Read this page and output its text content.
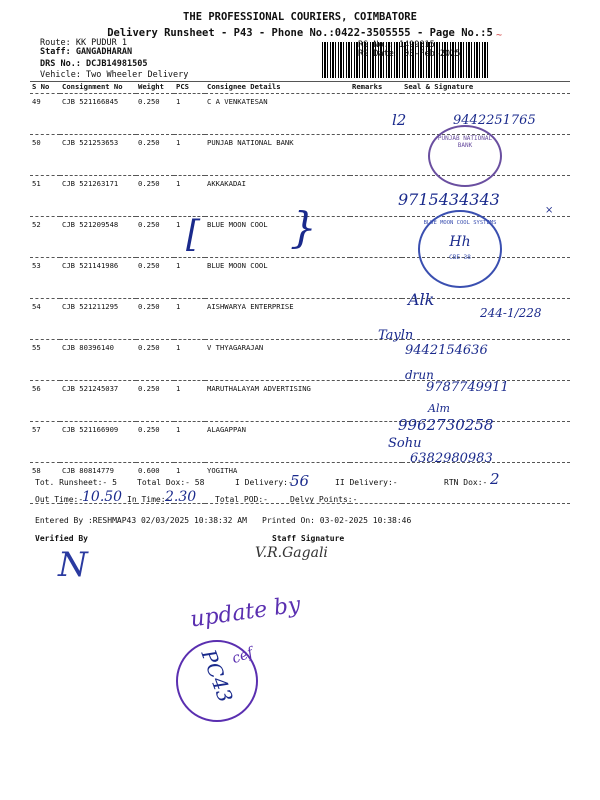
THE PROFESSIONAL COURIERS, COIMBATORE
Delivery Runsheet - P43 - Phone No.:0422-3505555 - Page No.:5
Route: KK PUDUR 1
Staff: GANGADHARAN
DRS No.: DCJB14981505
Vehicle: Two Wheeler Delivery
~
RS No.: 1499815
RS Date: 03-Feb-2025
S No	Consignment No	Weight	PCS	Consignee Details	Remarks	Seal & Signature
49	CJB 521166845	0.250	1	C A VENKATESAN		
50	CJB 521253653	0.250	1	PUNJAB NATIONAL BANK		
51	CJB 521263171	0.250	1	AKKAKADAI		
52	CJB 521209548	0.250	1	BLUE MOON COOL		
53	CJB 521141986	0.250	1	BLUE MOON COOL		
54	CJB 521211295	0.250	1	AISHWARYA ENTERPRISE		
55	CJB 80396140	0.250	1	V THYAGARAJAN		
56	CJB 521245037	0.250	1	MARUTHALAYAM ADVERTISING		
57	CJB 521166909	0.250	1	ALAGAPPAN		
58	CJB 80814779	0.600	1	YOGITHA		
l2	9442251765
PUNJAB NATIONAL BANK
9715434343
×
BLUE MOON COOL SYSTEMS
Hh
CBE-38
}
[
Alk
244-1/228
Tayln
9442154636
drun
9787749911
Alm
9962730258
Sohu
6382980983
Tot. Runsheet:- 5	Total Dox:- 58	I Delivery:-
56	II Delivery:-	RTN Dox:- 2
Out Time:-
10.50 In Time:-
2.30 Total POD:-	Delvy Points:-
Entered By :RESHMAP43 02/03/2025 10:38:32 AM Printed On: 03-02-2025 10:38:46
Verified By	Staff Signature
N	V.R.Gagali
update by
PC43
cef
